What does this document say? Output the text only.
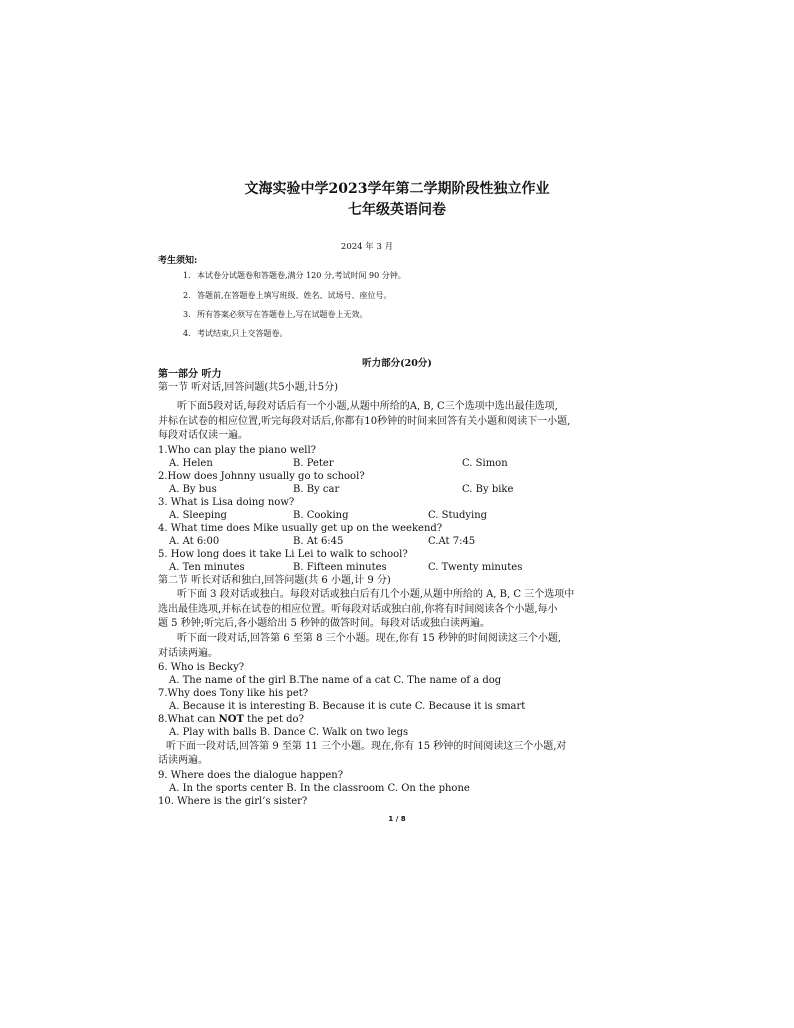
文海实验中学2023学年第二学期阶段性独立作业
七年级英语问卷
2024 年 3 月
考生须知:
1. 本试卷分试题卷和答题卷,满分 120 分,考试时间 90 分钟。
2. 答题前,在答题卷上填写班级、姓名、试场号、座位号。
3. 所有答案必须写在答题卷上,写在试题卷上无效。
4. 考试结束,只上交答题卷。
听力部分(20分)
第一部分 听力
第一节 听对话,回答问题(共5小题,计5分)
听下面5段对话,每段对话后有一个小题,从题中所给的A, B, C三个选项中选出最佳选项,
并标在试卷的相应位置,听完每段对话后,你都有10秒钟的时间来回答有关小题和阅读下一小题,
每段对话仅读一遍。
1.Who can play the piano well?
A. Helen	B. Peter	C. Simon
2.How does Johnny usually go to school?
A. By bus	B. By car	C. By bike
3. What is Lisa doing now?
A. Sleeping	B. Cooking	C. Studying
4. What time does Mike usually get up on the weekend?
A. At 6:00	B. At 6:45	C.At 7:45
5. How long does it take Li Lei to walk to school?
A. Ten minutes	B. Fifteen minutes	C. Twenty minutes
第二节 听长对话和独白,回答问题(共 6 小题,计 9 分)
听下面 3 段对话或独白。每段对话或独白后有几个小题,从题中所给的 A, B, C 三个选项中
选出最佳选项,并标在试卷的相应位置。听每段对话或独白前,你将有时间阅读各个小题,每小
题 5 秒钟;听完后,各小题给出 5 秒钟的做答时间。每段对话或独白读两遍。
听下面一段对话,回答第 6 至第 8 三个小题。现在,你有 15 秒钟的时间阅读这三个小题,
对话读两遍。
6. Who is Becky?
A. The name of the girl B.The name of a cat C. The name of a dog
7.Why does Tony like his pet?
A. Because it is interesting B. Because it is cute C. Because it is smart
8.What can NOT the pet do?
A. Play with balls B. Dance C. Walk on two legs
听下面一段对话,回答第 9 至第 11 三个小题。现在,你有 15 秒钟的时间阅读这三个小题,对
话读两遍。
9. Where does the dialogue happen?
A. In the sports center B. In the classroom C. On the phone
10. Where is the girl’s sister?
1 / 8
